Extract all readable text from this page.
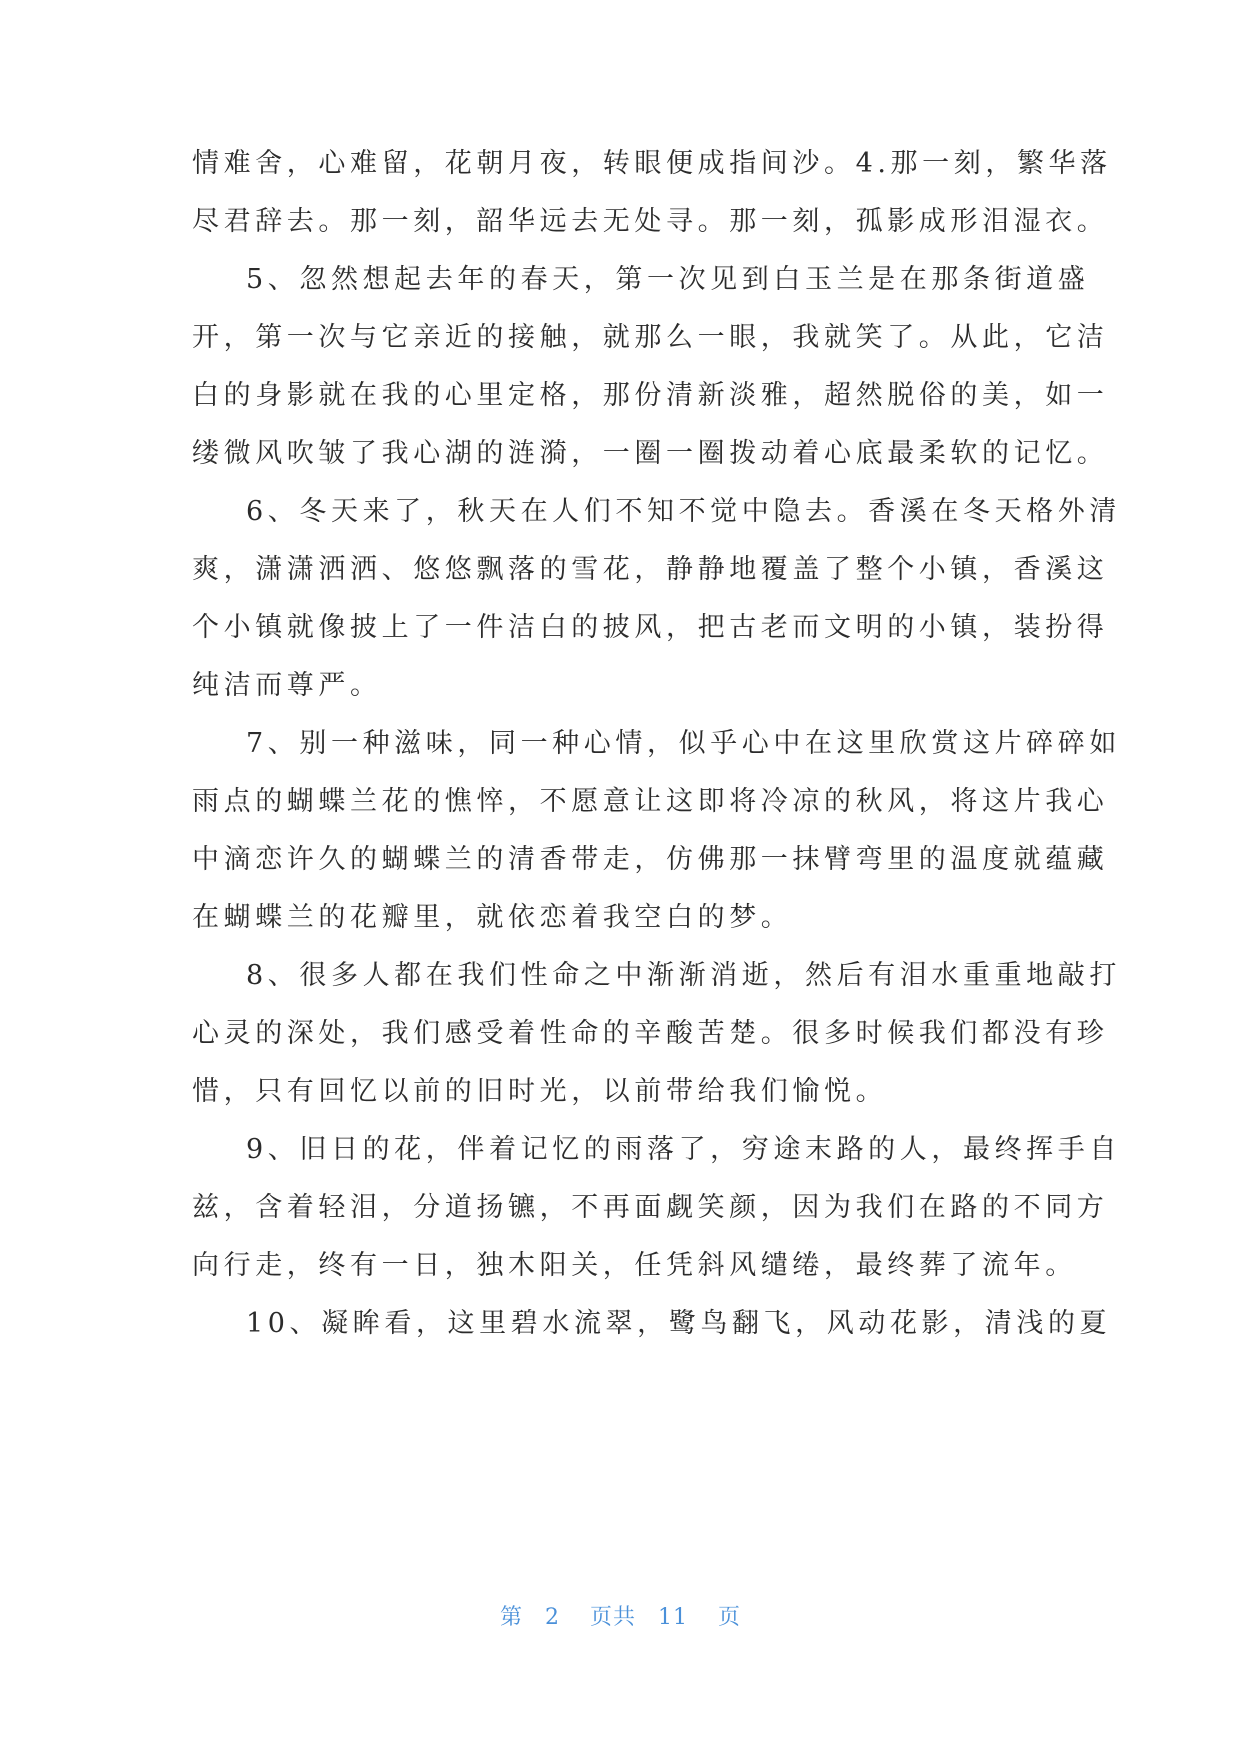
情难舍，心难留，花朝月夜，转眼便成指间沙。4.那一刻，繁华落
尽君辞去。那一刻，韶华远去无处寻。那一刻，孤影成形泪湿衣。
5、忽然想起去年的春天，第一次见到白玉兰是在那条街道盛
开，第一次与它亲近的接触，就那么一眼，我就笑了。从此，它洁
白的身影就在我的心里定格，那份清新淡雅，超然脱俗的美，如一
缕微风吹皱了我心湖的涟漪，一圈一圈拨动着心底最柔软的记忆。
6、冬天来了，秋天在人们不知不觉中隐去。香溪在冬天格外清
爽，潇潇洒洒、悠悠飘落的雪花，静静地覆盖了整个小镇，香溪这
个小镇就像披上了一件洁白的披风，把古老而文明的小镇，装扮得
纯洁而尊严。
7、别一种滋味，同一种心情，似乎心中在这里欣赏这片碎碎如
雨点的蝴蝶兰花的憔悴，不愿意让这即将冷凉的秋风，将这片我心
中滴恋许久的蝴蝶兰的清香带走，仿佛那一抹臂弯里的温度就蕴藏
在蝴蝶兰的花瓣里，就依恋着我空白的梦。
8、很多人都在我们性命之中渐渐消逝，然后有泪水重重地敲打
心灵的深处，我们感受着性命的辛酸苦楚。很多时候我们都没有珍
惜，只有回忆以前的旧时光，以前带给我们愉悦。
9、旧日的花，伴着记忆的雨落了，穷途末路的人，最终挥手自
兹，含着轻泪，分道扬镳，不再面觑笑颜，因为我们在路的不同方
向行走，终有一日，独木阳关，任凭斜风缱绻，最终葬了流年。
10、凝眸看，这里碧水流翠，鹭鸟翻飞，风动花影，清浅的夏
第 2 页共 11 页
